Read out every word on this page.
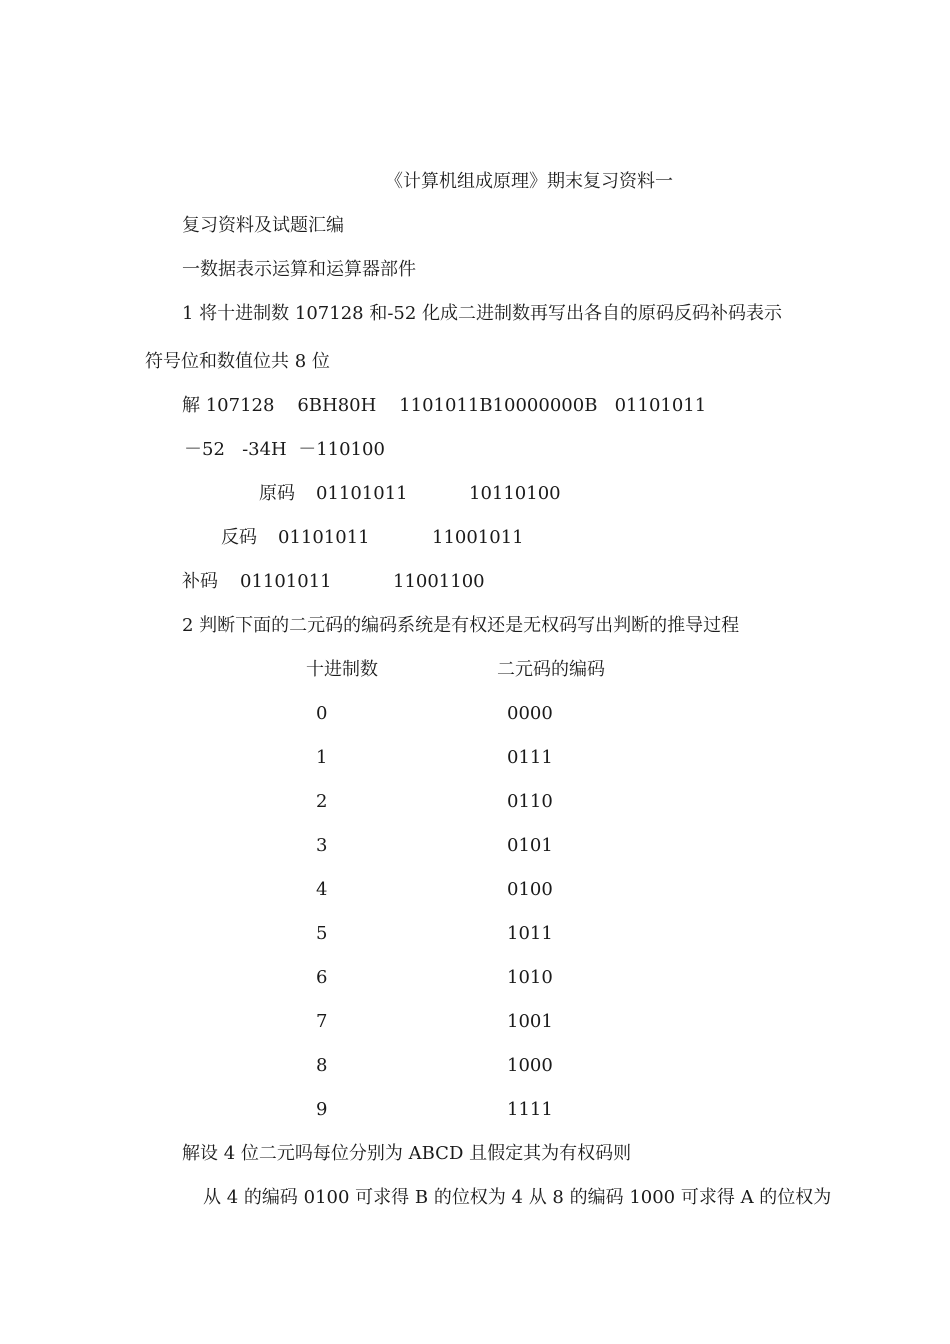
《计算机组成原理》期末复习资料一
复习资料及试题汇编
一数据表示运算和运算器部件
1 将十进制数 107128 和-52 化成二进制数再写出各自的原码反码补码表示
符号位和数值位共 8 位
解 107128    6BH80H    1101011B10000000B   01101011
－52   -34H  －110100
原码 01101011	10110100
反码 01101011	11001011
补码 01101011	11001100
2 判断下面的二元码的编码系统是有权还是无权码写出判断的推导过程
十进制数	二元码的编码
0	0000
1	0111
2	0110
3	0101
4	0100
5	1011
6	1010
7	1001
8	1000
9	1111
解设 4 位二元吗每位分别为 ABCD 且假定其为有权码则
从 4 的编码 0100 可求得 B 的位权为 4 从 8 的编码 1000 可求得 A 的位权为
